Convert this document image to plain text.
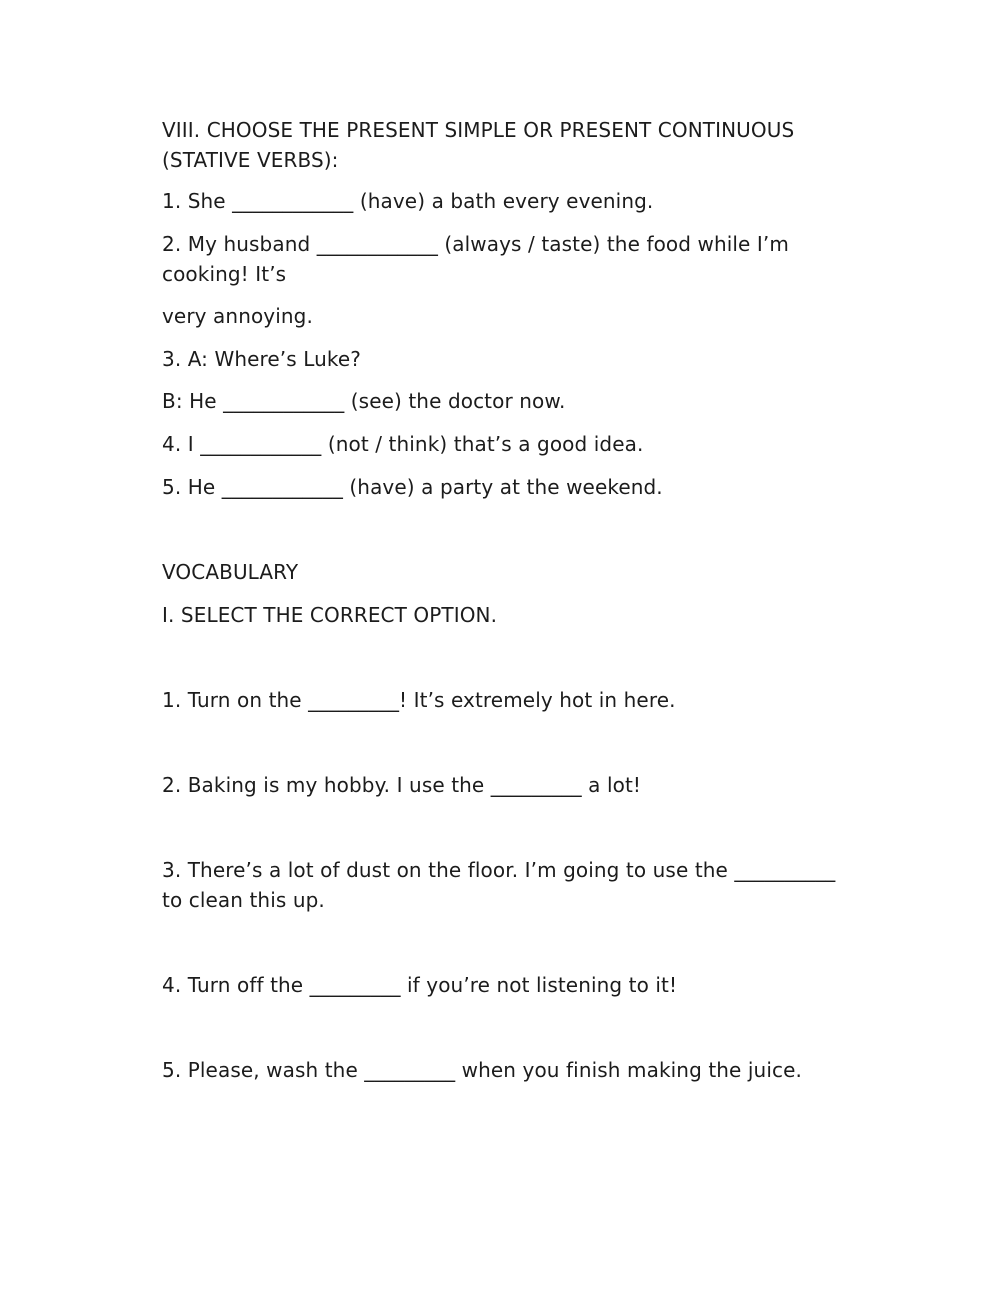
VIII. CHOOSE THE PRESENT SIMPLE OR PRESENT CONTINUOUS (STATIVE VERBS):
1. She ____________ (have) a bath every evening.
2. My husband ____________ (always / taste) the food while I’m cooking! It’s
very annoying.
3. A: Where’s Luke?
B: He ____________ (see) the doctor now.
4. I ____________ (not / think) that’s a good idea.
5. He ____________ (have) a party at the weekend.
VOCABULARY
I. SELECT THE CORRECT OPTION.
1. Turn on the _________! It’s extremely hot in here.
2. Baking is my hobby. I use the _________ a lot!
3. There’s a lot of dust on the floor. I’m going to use the __________ to clean this up.
4. Turn off the _________ if you’re not listening to it!
5. Please, wash the _________ when you finish making the juice.
